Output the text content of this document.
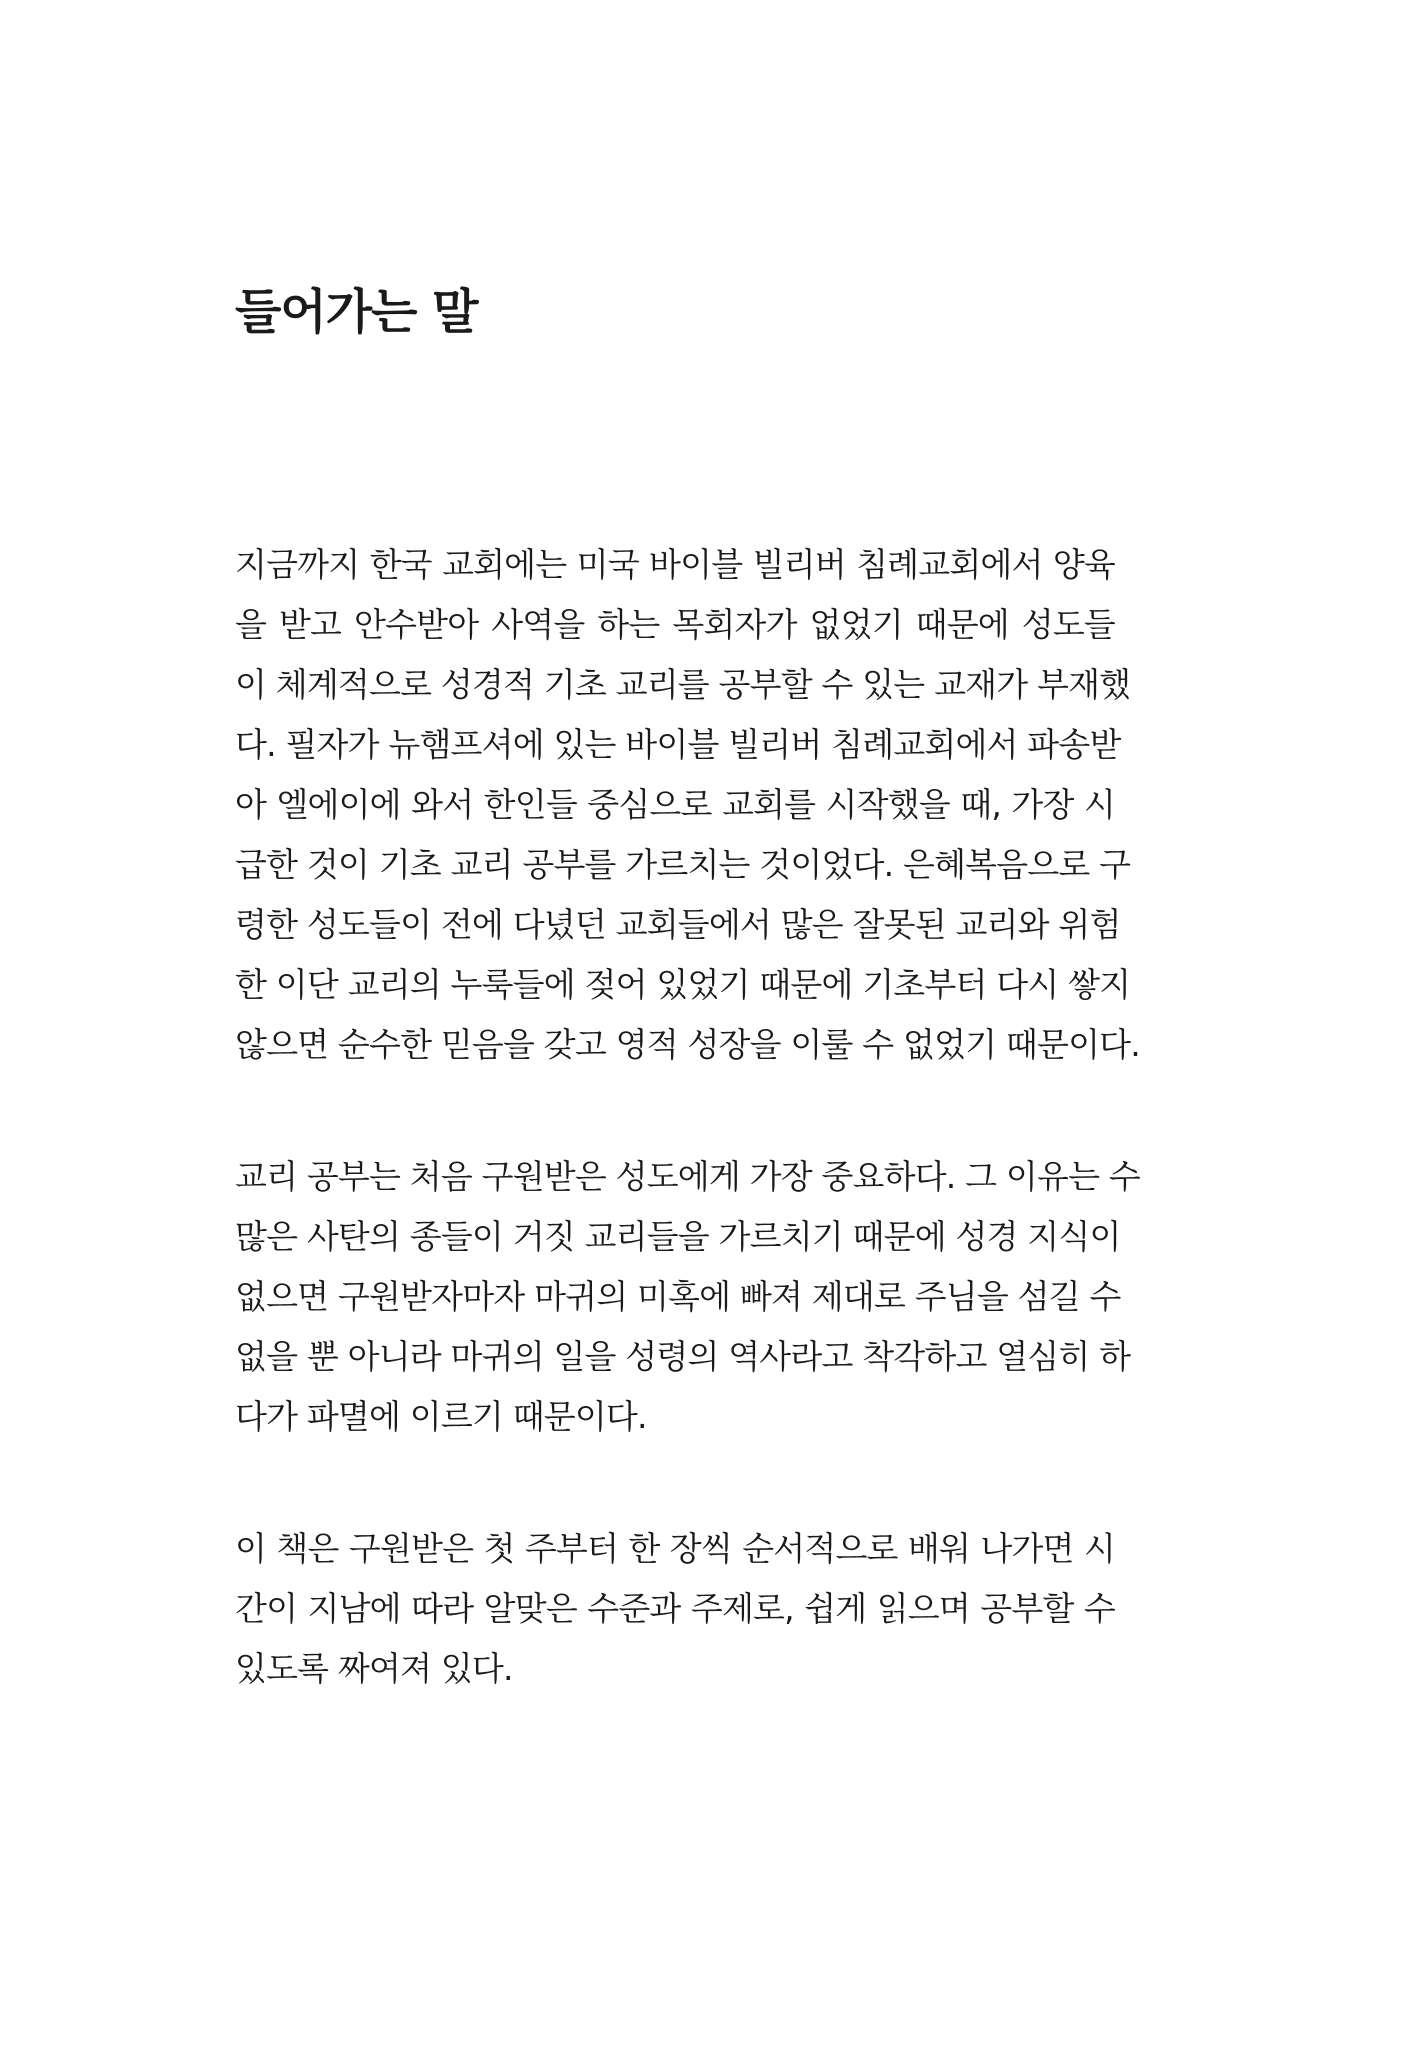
들어가는 말

지금까지 한국 교회에는 미국 바이블 빌리버 침례교회에서 양육
을 받고 안수받아 사역을 하는 목회자가 없었기 때문에 성도들
이 체계적으로 성경적 기초 교리를 공부할 수 있는 교재가 부재했
다. 필자가 뉴햄프셔에 있는 바이블 빌리버 침례교회에서 파송받
아 엘에이에 와서 한인들 중심으로 교회를 시작했을 때, 가장 시
급한 것이 기초 교리 공부를 가르치는 것이었다. 은혜복음으로 구
령한 성도들이 전에 다녔던 교회들에서 많은 잘못된 교리와 위험
한 이단 교리의 누룩들에 젖어 있었기 때문에 기초부터 다시 쌓지
않으면 순수한 믿음을 갖고 영적 성장을 이룰 수 없었기 때문이다.

교리 공부는 처음 구원받은 성도에게 가장 중요하다. 그 이유는 수
많은 사탄의 종들이 거짓 교리들을 가르치기 때문에 성경 지식이
없으면 구원받자마자 마귀의 미혹에 빠져 제대로 주님을 섬길 수
없을 뿐 아니라 마귀의 일을 성령의 역사라고 착각하고 열심히 하
다가 파멸에 이르기 때문이다.

이 책은 구원받은 첫 주부터 한 장씩 순서적으로 배워 나가면 시
간이 지남에 따라 알맞은 수준과 주제로, 쉽게 읽으며 공부할 수
있도록 짜여져 있다.
